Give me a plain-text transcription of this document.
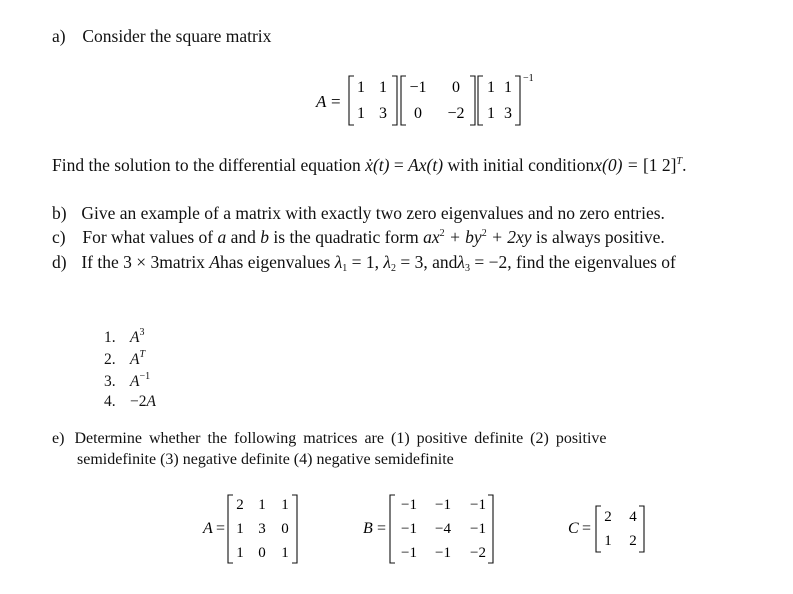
a) Consider the square matrix
A =
1 1
1 3
−1 0
0 −2
1 1
1 3
−1
Find the solution to the differential equation ẋ(t) = Ax(t) with initial conditionx(0) = [1 2]$^T$.
b) Give an example of a matrix with exactly two zero eigenvalues and no zero entries.
c) For what values of a and b is the quadratic form $ax^2 + by^2 + 2xy$ is always positive.
d) If the 3 × 3matrix Ahas eigenvalues $\lambda_1 = 1$, $\lambda_2 = 3$, andλ$_3$ = −2, find the eigenvalues of
1. $A^3$
2. $A^T$
3. $A^{-1}$
4. −2A
e) Determine whether the following matrices are (1) positive definite (2) positive
semidefinite (3) negative definite (4) negative semidefinite
A =
2 1 1
1 3 0
1 0 1
B =
−1 −1 −1
−1 −4 −1
−1 −1 −2
C =
2 4
1 2
